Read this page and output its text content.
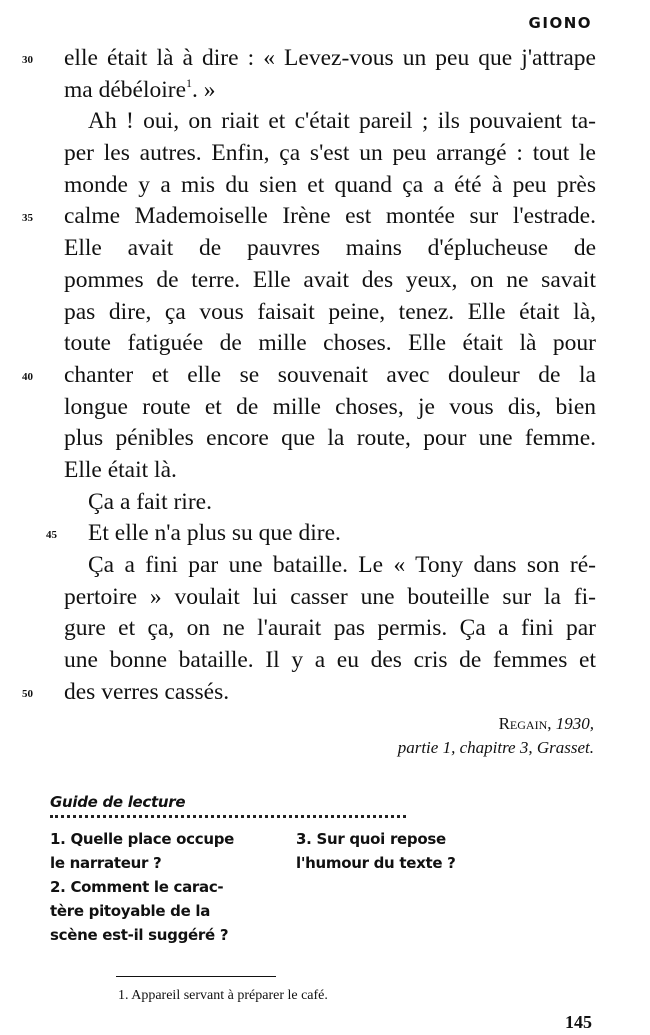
GIONO
30	elle était là à dire : « Levez-vous un peu que j'attrape
ma débéloire$^1$. »
Ah ! oui, on riait et c'était pareil ; ils pouvaient ta-
per les autres. Enfin, ça s'est un peu arrangé : tout le
monde y a mis du sien et quand ça a été à peu près
35	calme Mademoiselle Irène est montée sur l'estrade.
Elle avait de pauvres mains d'éplucheuse de
pommes de terre. Elle avait des yeux, on ne savait
pas dire, ça vous faisait peine, tenez. Elle était là,
toute fatiguée de mille choses. Elle était là pour
40	chanter et elle se souvenait avec douleur de la
longue route et de mille choses, je vous dis, bien
plus pénibles encore que la route, pour une femme.
Elle était là.
Ça a fait rire.
45 Et elle n'a plus su que dire.
Ça a fini par une bataille. Le « Tony dans son ré-
pertoire » voulait lui casser une bouteille sur la fi-
gure et ça, on ne l'aurait pas permis. Ça a fini par
une bonne bataille. Il y a eu des cris de femmes et
50	des verres cassés.
Regain, 1930,
partie 1, chapitre 3, Grasset.
Guide de lecture
1. Quelle place occupe
le narrateur ?
2. Comment le carac-
tère pitoyable de la
scène est-il suggéré ?
3. Sur quoi repose
l'humour du texte ?
1. Appareil servant à préparer le café.
145
